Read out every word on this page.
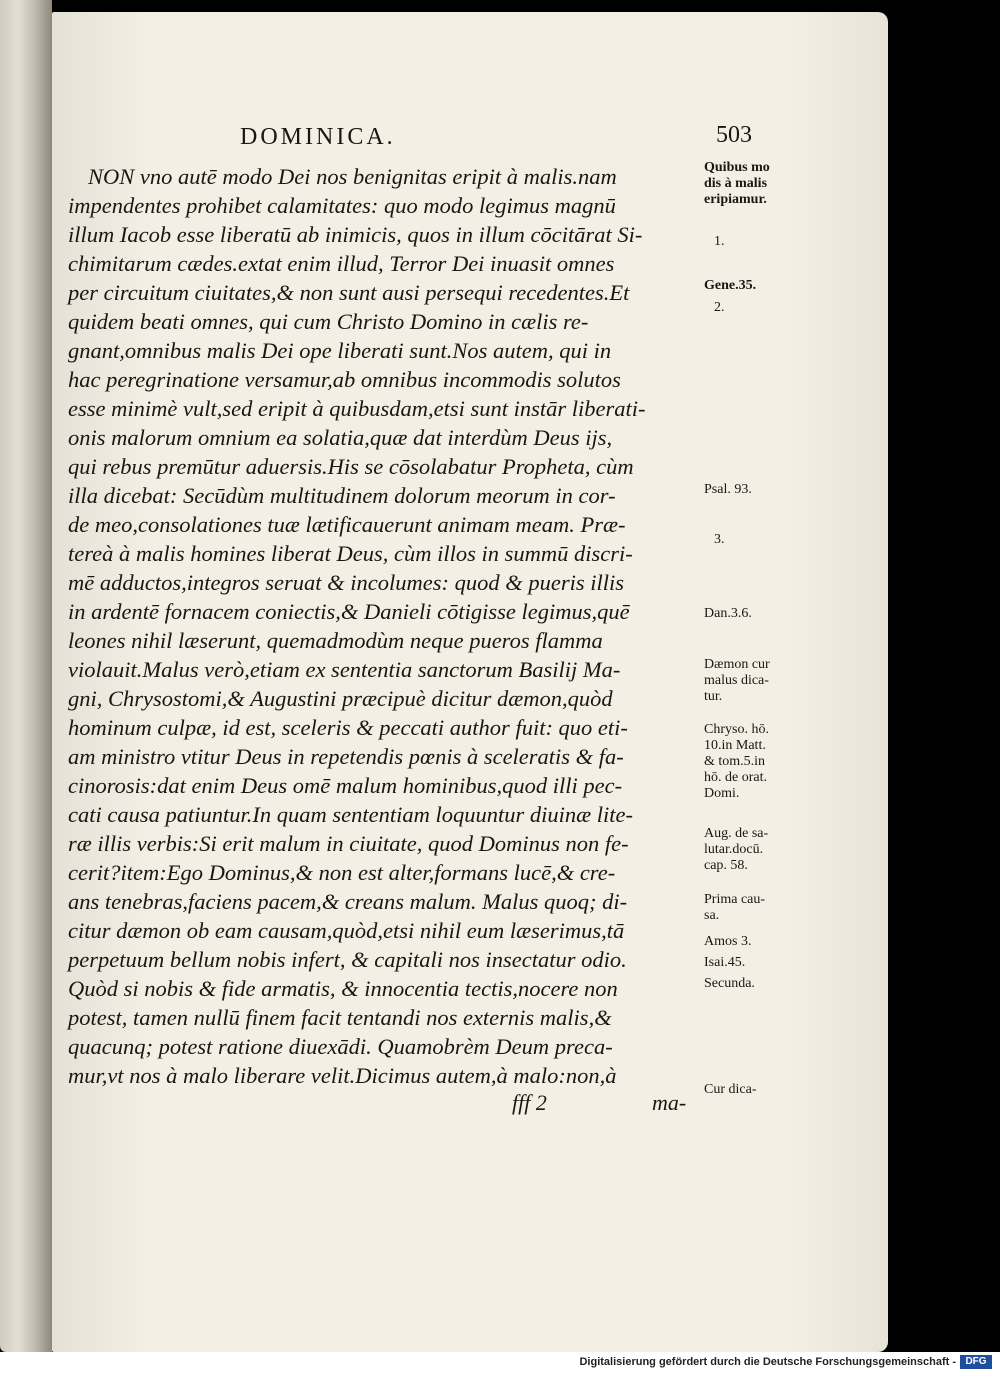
DOMINICA.	503
NON vno autē modo Dei nos benignitas eripit à malis.nam
impendentes prohibet calamitates: quo modo legimus magnū
illum Iacob esse liberatū ab inimicis, quos in illum cōcitārat Si-
chimitarum cædes.extat enim illud, Terror Dei inuasit omnes
per circuitum ciuitates,& non sunt ausi persequi recedentes.Et
quidem beati omnes, qui cum Christo Domino in cælis re-
gnant,omnibus malis Dei ope liberati sunt.Nos autem, qui in
hac peregrinatione versamur,ab omnibus incommodis solutos
esse minimè vult,sed eripit à quibusdam,etsi sunt instār liberati-
onis malorum omnium ea solatia,quæ dat interdùm Deus ijs,
qui rebus premūtur aduersis.His se cōsolabatur Propheta, cùm
illa dicebat: Secūdùm multitudinem dolorum meorum in cor-
de meo,consolationes tuæ lætificauerunt animam meam. Præ-
tereà à malis homines liberat Deus, cùm illos in summū discri-
mē adductos,integros seruat & incolumes: quod & pueris illis
in ardentē fornacem coniectis,& Danieli cōtigisse legimus,quē
leones nihil læserunt, quemadmodùm neque pueros flamma
violauit.Malus verò,etiam ex sententia sanctorum Basilij Ma-
gni, Chrysostomi,& Augustini præcipuè dicitur dæmon,quòd
hominum culpæ, id est, sceleris & peccati author fuit: quo eti-
am ministro vtitur Deus in repetendis pœnis à sceleratis & fa-
cinorosis:dat enim Deus omē malum hominibus,quod illi pec-
cati causa patiuntur.In quam sententiam loquuntur diuinæ lite-
ræ illis verbis:Si erit malum in ciuitate, quod Dominus non fe-
cerit?item:Ego Dominus,& non est alter,formans lucē,& cre-
ans tenebras,faciens pacem,& creans malum. Malus quoq; di-
citur dæmon ob eam causam,quòd,etsi nihil eum læserimus,tā
perpetuum bellum nobis infert, & capitali nos insectatur odio.
Quòd si nobis & fide armatis, & innocentia tectis,nocere non
potest, tamen nullū finem facit tentandi nos externis malis,&
quacunq; potest ratione diuexādi. Quamobrèm Deum preca-
mur,vt nos à malo liberare velit.Dicimus autem,à malo:non,à
fff 2	ma-
Quibus mo
dis à malis
eripiamur.
1.
Gene.35.
2.
Psal. 93.
3.
Dan.3.6.
Dæmon cur
malus dica-
tur.
Chryso. hō.
10.in Matt.
& tom.5.in
hō. de orat.
Domi.
Aug. de sa-
lutar.docū.
cap. 58.
Prima cau-
sa.
Amos 3.
Isai.45.
Secunda.
Cur dica-
Digitalisierung gefördert durch die Deutsche Forschungsgemeinschaft - DFG
